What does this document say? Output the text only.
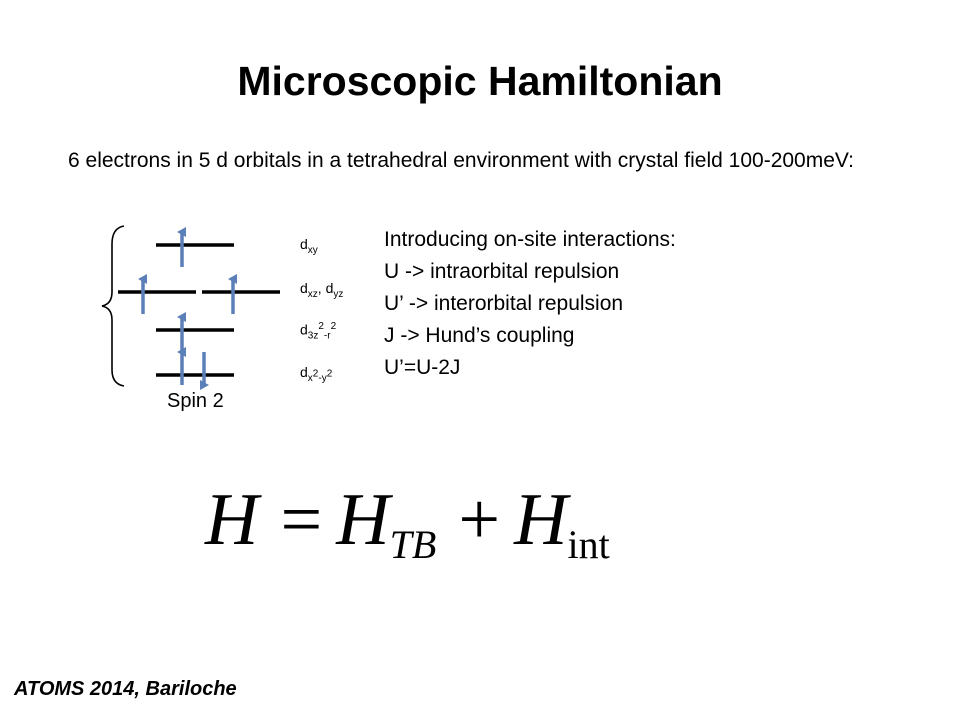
Microscopic Hamiltonian
6 electrons in 5 d orbitals in a tetrahedral environment with crystal field 100-200meV:
$d_{xy}$
$d_{xz}$, $d_{yz}$
$d_{3z}^2_{-r}^2$
$d_{x^2-y^2}$
Spin 2
Introducing on-site interactions:
U -> intraorbital repulsion
U’ -> interorbital repulsion
J -> Hund’s coupling
U’=U-2J
$H = H_{TB} + H_{int}$
ATOMS 2014, Bariloche
